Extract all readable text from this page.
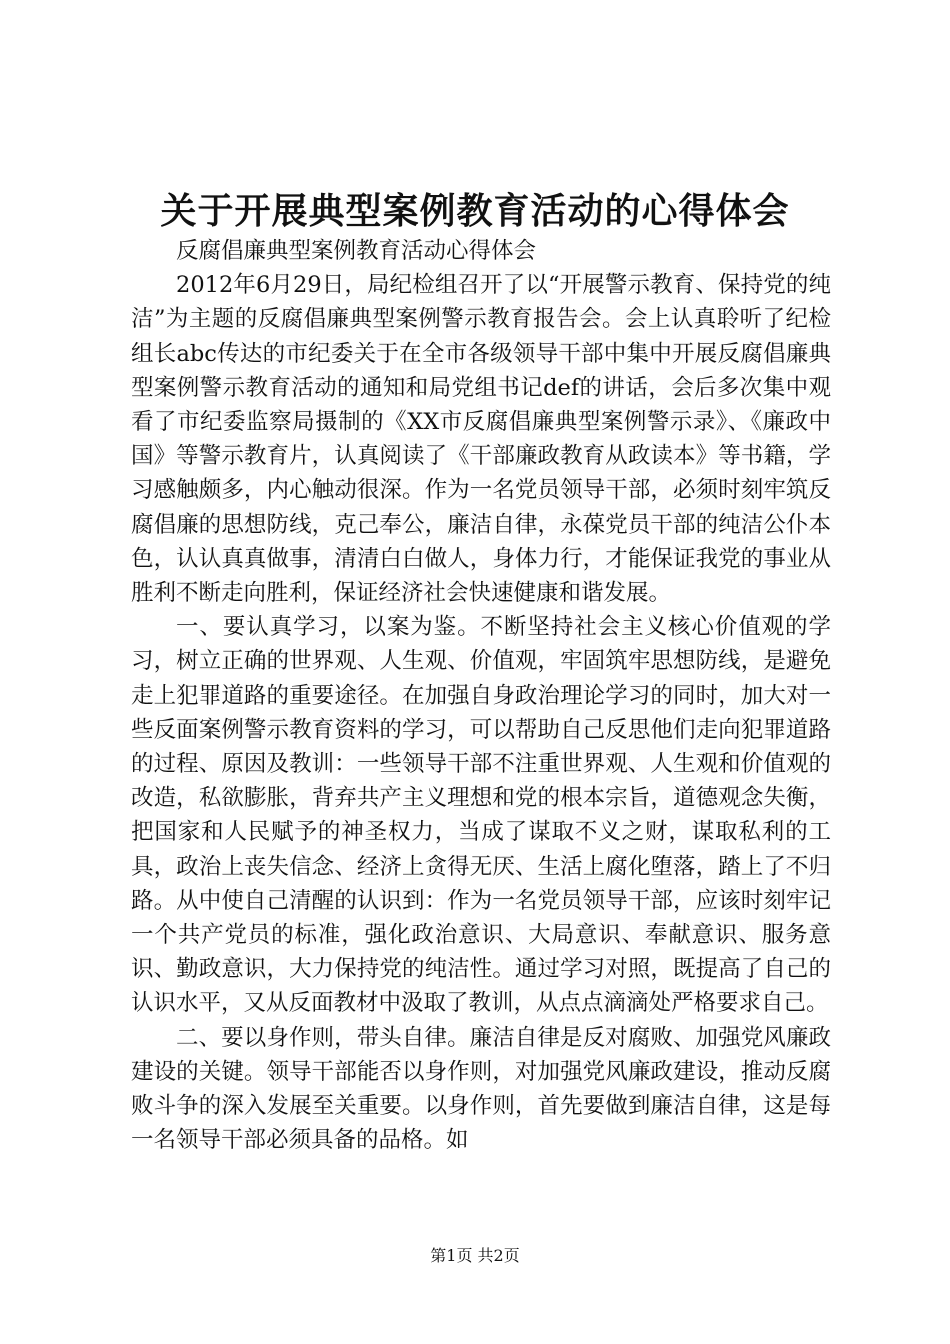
关于开展典型案例教育活动的心得体会
反腐倡廉典型案例教育活动心得体会

2012年6月29日，局纪检组召开了以“开展警示教育、保持党的纯洁”为主题的反腐倡廉典型案例警示教育报告会。会上认真聆听了纪检组长abc传达的市纪委关于在全市各级领导干部中集中开展反腐倡廉典型案例警示教育活动的通知和局党组书记def的讲话，会后多次集中观看了市纪委监察局摄制的《XX市反腐倡廉典型案例警示录》、《廉政中国》等警示教育片，认真阅读了《干部廉政教育从政读本》等书籍，学习感触颇多，内心触动很深。作为一名党员领导干部，必须时刻牢筑反腐倡廉的思想防线，克己奉公，廉洁自律，永葆党员干部的纯洁公仆本色，认认真真做事，清清白白做人，身体力行，才能保证我党的事业从胜利不断走向胜利，保证经济社会快速健康和谐发展。

一、要认真学习，以案为鉴。不断坚持社会主义核心价值观的学习，树立正确的世界观、人生观、价值观，牢固筑牢思想防线，是避免走上犯罪道路的重要途径。在加强自身政治理论学习的同时，加大对一些反面案例警示教育资料的学习，可以帮助自己反思他们走向犯罪道路的过程、原因及教训：一些领导干部不注重世界观、人生观和价值观的改造，私欲膨胀，背弃共产主义理想和党的根本宗旨，道德观念失衡，把国家和人民赋予的神圣权力，当成了谋取不义之财，谋取私利的工具，政治上丧失信念、经济上贪得无厌、生活上腐化堕落，踏上了不归路。从中使自己清醒的认识到：作为一名党员领导干部，应该时刻牢记一个共产党员的标准，强化政治意识、大局意识、奉献意识、服务意识、勤政意识，大力保持党的纯洁性。通过学习对照，既提高了自己的认识水平，又从反面教材中汲取了教训，从点点滴滴处严格要求自己。

二、要以身作则，带头自律。廉洁自律是反对腐败、加强党风廉政建设的关键。领导干部能否以身作则，对加强党风廉政建设，推动反腐败斗争的深入发展至关重要。以身作则，首先要做到廉洁自律，这是每一名领导干部必须具备的品格。如

第1页 共2页
